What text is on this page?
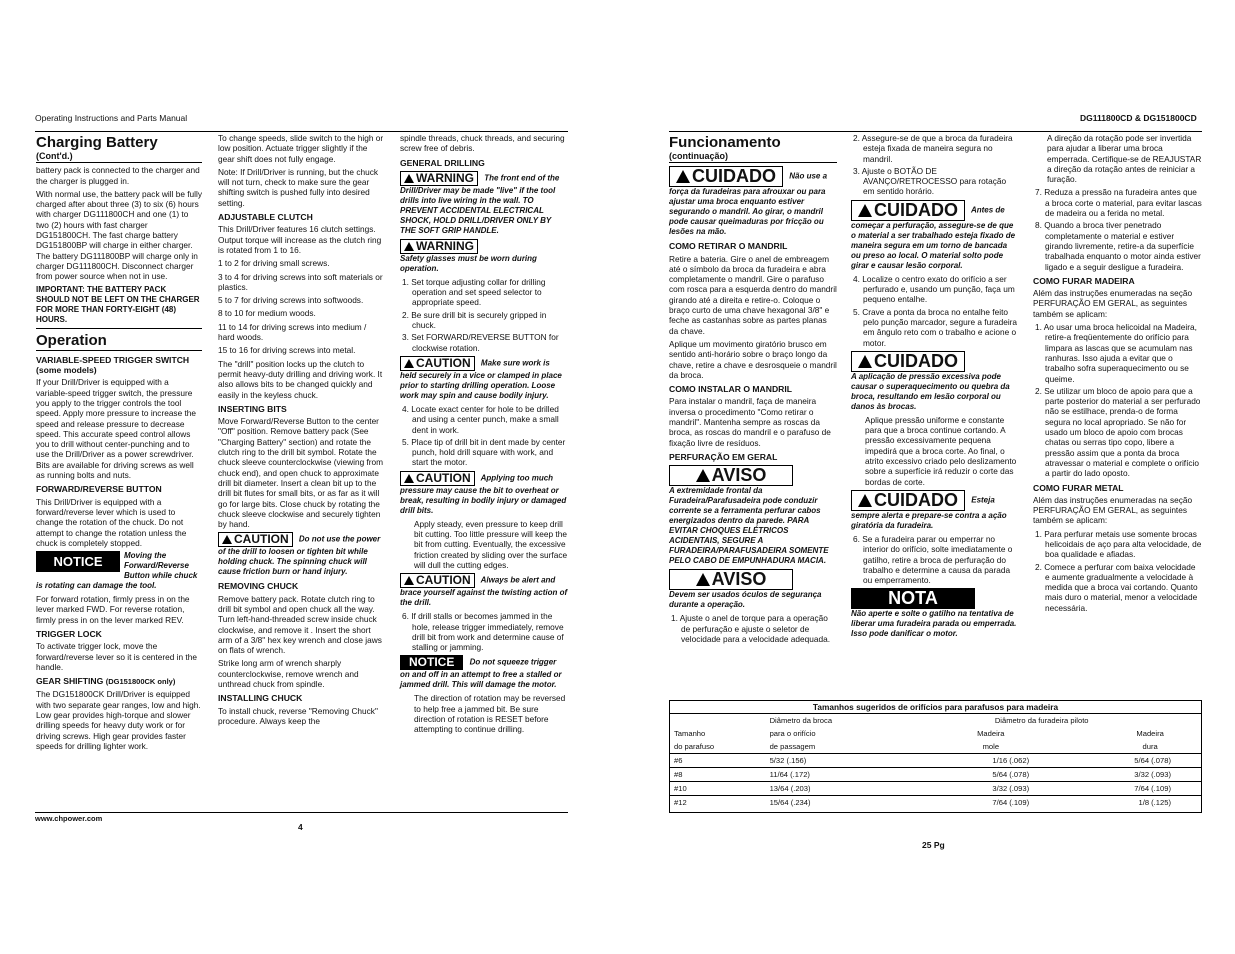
Operating Instructions and Parts Manual	DG111800CD & DG151800CD
Charging Battery
(Cont'd.)

battery pack is connected to the charger and the charger is plugged in.

With normal use, the battery pack will be fully charged after about three (3) to six (6) hours with charger DG111800CH and one (1) to two (2) hours with fast charger DG151800CH. The fast charge battery DG151800BP will charge in either charger. The battery DG111800BP will charge only in charger DG111800CH. Disconnect charger from power source when not in use.

IMPORTANT: THE BATTERY PACK SHOULD NOT BE LEFT ON THE CHARGER FOR MORE THAN FORTY-EIGHT (48) HOURS.
Operation
VARIABLE-SPEED TRIGGER SWITCH (some models)

If your Drill/Driver is equipped with a variable-speed trigger switch, the pressure you apply to the trigger controls the tool speed. Apply more pressure to increase the speed and release pressure to decrease speed. This accurate speed control allows you to drill without center-punching and to use the Drill/Driver as a power screwdriver. Bits are available for driving screws as well as running bolts and nuts.

FORWARD/REVERSE BUTTON

This Drill/Driver is equipped with a forward/reverse lever which is used to change the rotation of the chuck. Do not attempt to change the rotation unless the chuck is completely stopped.

NOTICE	Moving the Forward/Reverse Button while chuck is rotating can damage the tool.

For forward rotation, firmly press in on the lever marked FWD. For reverse rotation, firmly press in on the lever marked REV.

TRIGGER LOCK

To activate trigger lock, move the forward/reverse lever so it is centered in the handle.

GEAR SHIFTING (DG151800CK only)

The DG151800CK Drill/Driver is equipped with two separate gear ranges, low and high. Low gear provides high-torque and slower drilling speeds for heavy duty work or for driving screws. High gear provides faster speeds for drilling lighter work.

To change speeds, slide switch to the high or low position. Actuate trigger slightly if the gear shift does not fully engage.

Note: If Drill/Driver is running, but the chuck will not turn, check to make sure the gear shifting switch is pushed fully into desired setting.

ADJUSTABLE CLUTCH

This Drill/Driver features 16 clutch settings. Output torque will increase as the clutch ring is rotated from 1 to 16.

1 to 2 for driving small screws.

3 to 4 for driving screws into soft materials or plastics.

5 to 7 for driving screws into softwoods.

8 to 10 for medium woods.

11 to 14 for driving screws into medium / hard woods.

15 to 16 for driving screws into metal.

The "drill" position locks up the clutch to permit heavy-duty drilling and driving work. It also allows bits to be changed quickly and easily in the keyless chuck.

INSERTING BITS

Move Forward/Reverse Button to the center "Off" position. Remove battery pack (See "Charging Battery" section) and rotate the clutch ring to the drill bit symbol. Rotate the chuck sleeve counterclockwise (viewing from chuck end), and open chuck to approximate drill bit diameter. Insert a clean bit up to the drill bit flutes for small bits, or as far as it will go for large bits. Close chuck by rotating the chuck sleeve clockwise and securely tighten by hand.

CAUTION Do not use the power of the drill to loosen or tighten bit while holding chuck. The spinning chuck will cause friction burn or hand injury.
REMOVING CHUCK

Remove battery pack. Rotate clutch ring to drill bit symbol and open chuck all the way. Turn left-hand-threaded screw inside chuck clockwise, and remove it . Insert the short arm of a 3/8" hex key wrench and close jaws on flats of wrench.

Strike long arm of wrench sharply counterclockwise, remove wrench and unthread chuck from spindle.

INSTALLING CHUCK

To install chuck, reverse "Removing Chuck" procedure. Always keep the

spindle threads, chuck threads, and securing screw free of debris.

GENERAL DRILLING
WARNING The front end of the Drill/Driver may be made "live" if the tool drills into live wiring in the wall. TO PREVENT ACCIDENTAL ELECTRICAL SHOCK, HOLD DRILL/DRIVER ONLY BY THE SOFT GRIP HANDLE.
WARNING
Safety glasses must be worn during operation.

1. Set torque adjusting collar for drilling operation and set speed selector to appropriate speed.

2. Be sure drill bit is securely gripped in chuck.

3. Set FORWARD/REVERSE BUTTON for clockwise rotation.

CAUTION Make sure work is held securely in a vice or clamped in place prior to starting drilling operation. Loose work may spin and cause bodily injury.

4. Locate exact center for hole to be drilled and using a center punch, make a small dent in work.

5. Place tip of drill bit in dent made by center punch, hold drill square with work, and start the motor.

CAUTION Applying too much pressure may cause the bit to overheat or break, resulting in bodily injury or damaged drill bits.

Apply steady, even pressure to keep drill bit cutting. Too little pressure will keep the bit from cutting. Eventually, the excessive friction created by sliding over the surface will dull the cutting edges.

CAUTION Always be alert and brace yourself against the twisting action of the drill.

6. If drill stalls or becomes jammed in the hole, release trigger immediately, remove drill bit from work and determine cause of stalling or jamming.

NOTICE Do not squeeze trigger on and off in an attempt to free a stalled or jammed drill. This will damage the motor.

The direction of rotation may be reversed to help free a jammed bit. Be sure direction of rotation is RESET before attempting to continue drilling.

www.chpower.com
4
Funcionamento
(continuação)
CUIDADO Não use a força da furadeiras para afrouxar ou para ajustar uma broca enquanto estiver segurando o mandril. Ao girar, o mandril pode causar queimaduras por fricção ou lesões na mão.
COMO RETIRAR O MANDRIL

Retire a bateria. Gire o anel de embreagem até o símbolo da broca da furadeira e abra completamente o mandril. Gire o parafuso com rosca para a esquerda dentro do mandril girando até a direita e retire-o. Coloque o braço curto de uma chave hexagonal 3/8" e feche as castanhas sobre as partes planas da chave.

Aplique um movimento giratório brusco em sentido anti-horário sobre o braço longo da chave, retire a chave e desrosqueie o mandril da broca.

COMO INSTALAR O MANDRIL

Para instalar o mandril, faça de maneira inversa o procedimento "Como retirar o mandril". Mantenha sempre as roscas da broca, as roscas do mandril e o parafuso de fixação livre de resíduos.

PERFURAÇÃO EM GERAL
AVISO
A extremidade frontal da Furadeira/Parafusadeira pode conduzir corrente se a ferramenta perfurar cabos energizados dentro da parede. PARA EVITAR CHOQUES ELÉTRICOS ACIDENTAIS, SEGURE A FURADEIRA/PARAFUSADEIRA SOMENTE PELO CABO DE EMPUNHADURA MACIA.
AVISO
Devem ser usados óculos de segurança durante a operação.

1. Ajuste o anel de torque para a operação de perfuração e ajuste o seletor de velocidade para a velocidade adequada.

2. Assegure-se de que a broca da furadeira esteja fixada de maneira segura no mandril.

3. Ajuste o BOTÃO DE AVANÇO/RETROCESSO para rotação em sentido horário.

CUIDADO Antes de começar a perfuração, assegure-se de que o material a ser trabalhado esteja fixado de maneira segura em um torno de bancada ou preso ao local. O material solto pode girar e causar lesão corporal.

4. Localize o centro exato do orifício a ser perfurado e, usando um punção, faça um pequeno entalhe.

5. Crave a ponta da broca no entalhe feito pelo punção marcador, segure a furadeira em ângulo reto com o trabalho e acione o motor.

CUIDADO
A aplicação de pressão excessiva pode causar o superaquecimento ou quebra da broca, resultando em lesão corporal ou danos às brocas.

Aplique pressão uniforme e constante para que a broca continue cortando. A pressão excessivamente pequena impedirá que a broca corte. Ao final, o atrito excessivo criado pelo deslizamento sobre a superfície irá reduzir o corte das bordas de corte.

CUIDADO Esteja sempre alerta e prepare-se contra a ação giratória da furadeira.

6. Se a furadeira parar ou emperrar no interior do orifício, solte imediatamente o gatilho, retire a broca de perfuração do trabalho e determine a causa da parada ou emperramento.

NOTA
Não aperte e solte o gatilho na tentativa de liberar uma furadeira parada ou emperrada. Isso pode danificar o motor.

A direção da rotação pode ser invertida para ajudar a liberar uma broca emperrada. Certifique-se de REAJUSTAR a direção da rotação antes de reiniciar a furação.

7. Reduza a pressão na furadeira antes que a broca corte o material, para evitar lascas de madeira ou a ferida no metal.

8. Quando a broca tiver penetrado completamente o material e estiver girando livremente, retire-a da superfície trabalhada enquanto o motor ainda estiver ligado e a seguir desligue a furadeira.

COMO FURAR MADEIRA

Além das instruções enumeradas na seção PERFURAÇÃO EM GERAL, as seguintes também se aplicam:

1. Ao usar uma broca helicoidal na Madeira, retire-a freqüentemente do orifício para limpara as lascas que se acumulam nas ranhuras. Isso ajuda a evitar que o trabalho sofra superaquecimento ou se queime.

2. Se utilizar um bloco de apoio para que a parte posterior do material a ser perfurado não se estilhace, prenda-o de forma segura no local apropriado. Se não for usado um bloco de apoio com brocas chatas ou serras tipo copo, libere a pressão assim que a ponta da broca atravessar o material e complete o orifício a partir do lado oposto.

COMO FURAR METAL

Além das instruções enumeradas na seção PERFURAÇÃO EM GERAL, as seguintes também se aplicam:

1. Para perfurar metais use somente brocas helicoidais de aço para alta velocidade, de boa qualidade e afiadas.

2. Comece a perfurar com baixa velocidade e aumente gradualmente a velocidade à medida que a broca vai cortando. Quanto mais duro o material, menor a velocidade necessária.

Tamanhos sugeridos de orifícios para parafusos para madeira
	Diâmetro da broca	Diâmetro da furadeira piloto	
Tamanho	para o orifício	Madeira	Madeira
do parafuso	de passagem	mole	dura
#6	5/32 (.156)	1/16 (.062)	5/64 (.078)
#8	11/64 (.172)	5/64 (.078)	3/32 (.093)
#10	13/64 (.203)	3/32 (.093)	7/64 (.109)
#12	15/64 (.234)	7/64 (.109)	1/8 (.125)
25 Pg
